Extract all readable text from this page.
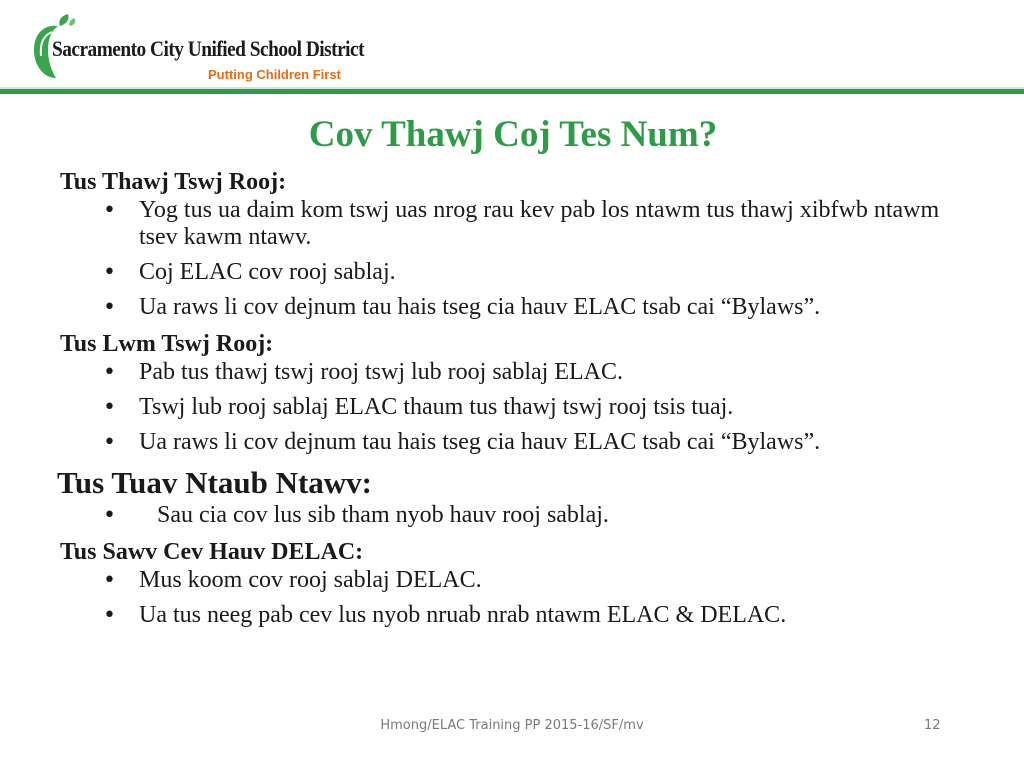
Sacramento City Unified School District
Putting Children First
Cov Thawj Coj Tes Num?

Tus Thawj Tswj Rooj:

• Yog tus ua daim kom tswj uas nrog rau kev pab los ntawm tus thawj xibfwb ntawm tsev kawm ntawv.
• Coj ELAC cov rooj sablaj.
• Ua raws li cov dejnum tau hais tseg cia hauv ELAC tsab cai “Bylaws”.

Tus Lwm Tswj Rooj:

• Pab tus thawj tswj rooj tswj lub rooj sablaj ELAC.
• Tswj lub rooj sablaj ELAC thaum tus thawj tswj rooj tsis tuaj.
• Ua raws li cov dejnum tau hais tseg cia hauv ELAC tsab cai “Bylaws”.

Tus Tuav Ntaub Ntawv:

• Sau cia cov lus sib tham nyob hauv rooj sablaj.

Tus Sawv Cev Hauv DELAC:

• Mus koom cov rooj sablaj DELAC.
• Ua tus neeg pab cev lus nyob nruab nrab ntawm ELAC & DELAC.
Hmong/ELAC Training PP 2015-16/SF/mv	12
